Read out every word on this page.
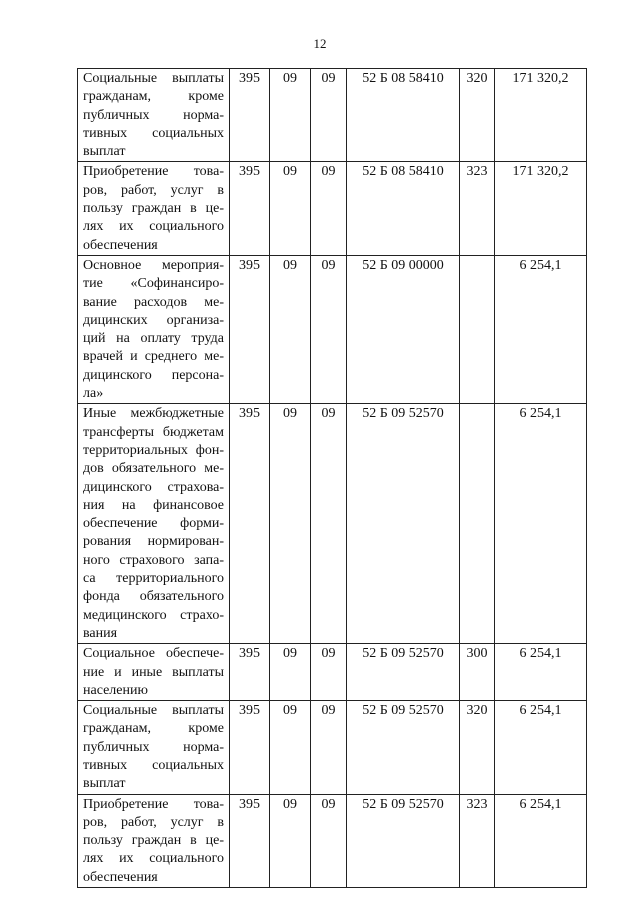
12
Социальные выплаты гражданам, кроме публичных норма-тивных социальных выплат	395	09	09	52 Б 08 58410	320	171 320,2
Приобретение това-ров, работ, услуг в пользу граждан в це-лях их социального обеспечения	395	09	09	52 Б 08 58410	323	171 320,2
Основное мероприя-тие «Софинансиро-вание расходов ме-дицинских организа-ций на оплату труда врачей и среднего ме-дицинского персона-ла»	395	09	09	52 Б 09 00000		6 254,1
Иные межбюджетные трансферты бюджетам территориальных фон-дов обязательного ме-дицинского страхова-ния на финансовое обеспечение форми-рования нормирован-ного страхового запа-са территориального фонда обязательного медицинского страхо-вания	395	09	09	52 Б 09 52570		6 254,1
Социальное обеспече-ние и иные выплаты населению	395	09	09	52 Б 09 52570	300	6 254,1
Социальные выплаты гражданам, кроме публичных норма-тивных социальных выплат	395	09	09	52 Б 09 52570	320	6 254,1
Приобретение това-ров, работ, услуг в пользу граждан в це-лях их социального обеспечения	395	09	09	52 Б 09 52570	323	6 254,1
